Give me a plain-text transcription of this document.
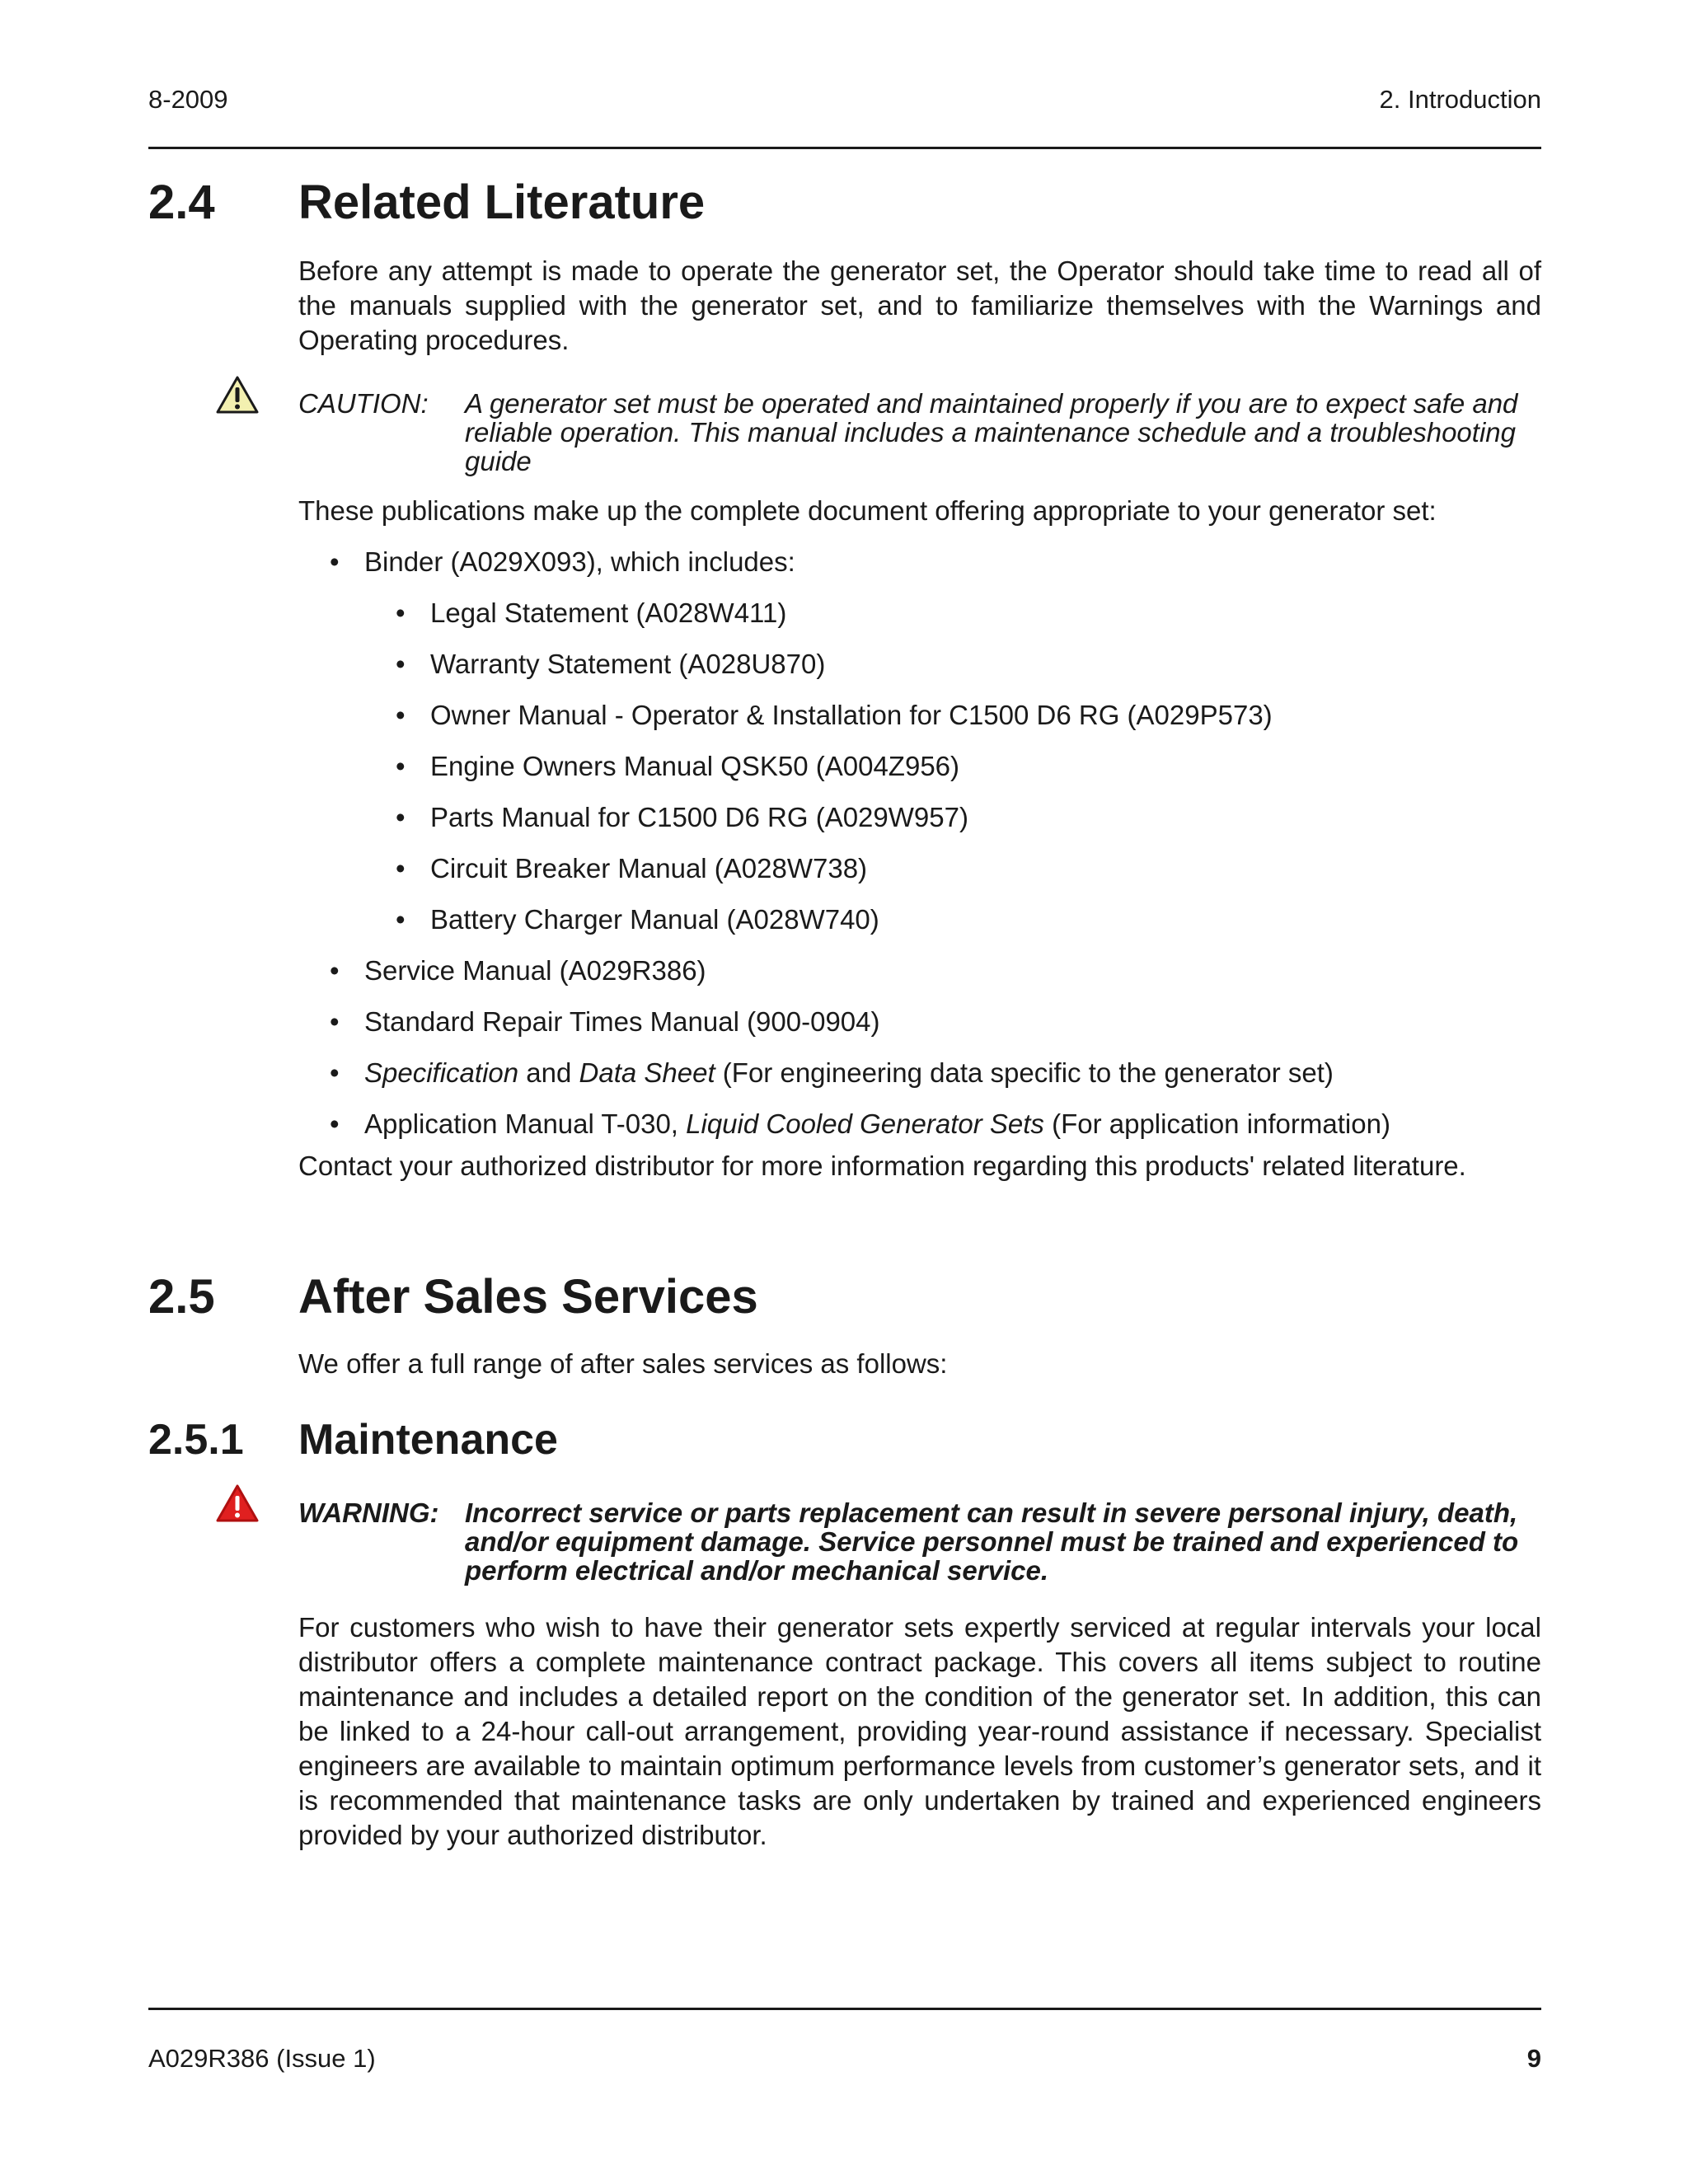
8-2009	2. Introduction
2.4 Related Literature

Before any attempt is made to operate the generator set, the Operator should take time to read all of the manuals supplied with the generator set, and to familiarize themselves with the Warnings and Operating procedures.

CAUTION: A generator set must be operated and maintained properly if you are to expect safe and reliable operation. This manual includes a maintenance schedule and a troubleshooting guide

These publications make up the complete document offering appropriate to your generator set:

• Binder (A029X093), which includes:
• Legal Statement (A028W411)
• Warranty Statement (A028U870)
• Owner Manual - Operator & Installation for C1500 D6 RG (A029P573)
• Engine Owners Manual QSK50 (A004Z956)
• Parts Manual for C1500 D6 RG (A029W957)
• Circuit Breaker Manual (A028W738)
• Battery Charger Manual (A028W740)
• Service Manual (A029R386)
• Standard Repair Times Manual (900-0904)
• Specification and Data Sheet (For engineering data specific to the generator set)
• Application Manual T-030, Liquid Cooled Generator Sets (For application information)

Contact your authorized distributor for more information regarding this products' related literature.

2.5 After Sales Services

We offer a full range of after sales services as follows:

2.5.1 Maintenance
WARNING: Incorrect service or parts replacement can result in severe personal injury, death, and/or equipment damage. Service personnel must be trained and experienced to perform electrical and/or mechanical service.

For customers who wish to have their generator sets expertly serviced at regular intervals your local distributor offers a complete maintenance contract package. This covers all items subject to routine maintenance and includes a detailed report on the condition of the generator set. In addition, this can be linked to a 24-hour call-out arrangement, providing year-round assistance if necessary. Specialist engineers are available to maintain optimum performance levels from customer’s generator sets, and it is recommended that maintenance tasks are only undertaken by trained and experienced engineers provided by your authorized distributor.

A029R386 (Issue 1)	9
